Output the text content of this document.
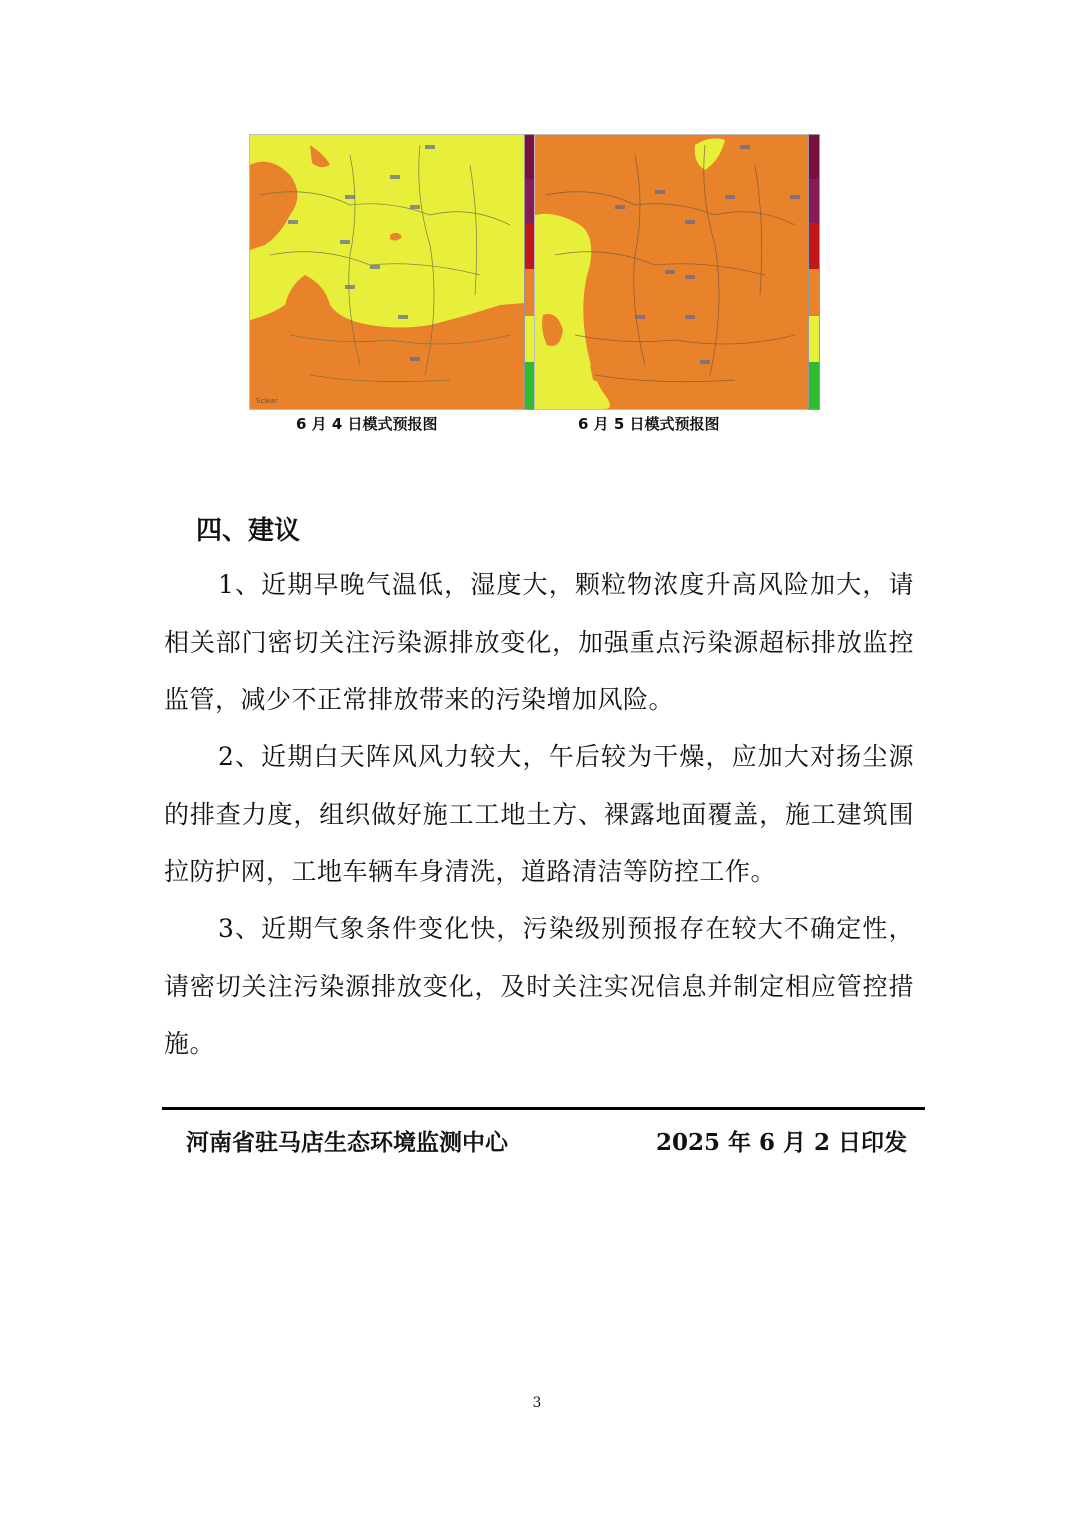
Sclear
6 月 4 日模式预报图	6 月 5 日模式预报图
四、建议
1、近期早晚气温低，湿度大，颗粒物浓度升高风险加大，请相关部门密切关注污染源排放变化，加强重点污染源超标排放监控监管，减少不正常排放带来的污染增加风险。
2、近期白天阵风风力较大，午后较为干燥，应加大对扬尘源的排查力度，组织做好施工工地土方、裸露地面覆盖，施工建筑围拉防护网，工地车辆车身清洗，道路清洁等防控工作。
3、近期气象条件变化快，污染级别预报存在较大不确定性，请密切关注污染源排放变化，及时关注实况信息并制定相应管控措施。
河南省驻马店生态环境监测中心	2025 年 6 月 2 日印发
3
